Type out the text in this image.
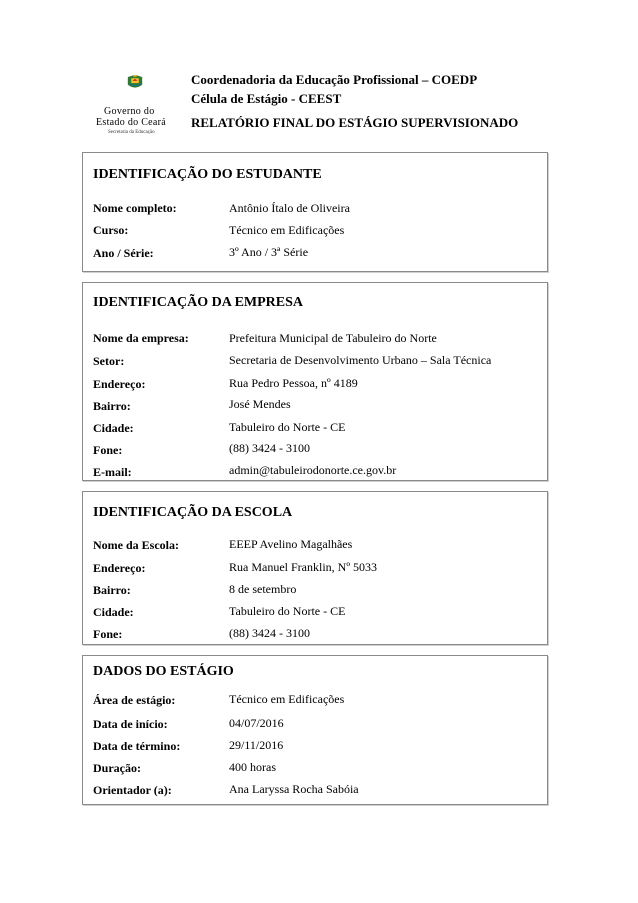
Governo do
Estado do Ceará
Secretaria da Educação
Coordenadoria da Educação Profissional – COEDP
Célula de Estágio - CEEST
RELATÓRIO FINAL DO ESTÁGIO SUPERVISIONADO
IDENTIFICAÇÃO DO ESTUDANTE
Nome completo:	Antônio Ítalo de Oliveira
Curso:	Técnico em Edificações
Ano / Série:	3º Ano / 3ª Série
IDENTIFICAÇÃO DA EMPRESA
Nome da empresa:	Prefeitura Municipal de Tabuleiro do Norte
Setor:	Secretaria de Desenvolvimento Urbano – Sala Técnica
Endereço:	Rua Pedro Pessoa, nº 4189
Bairro:	José Mendes
Cidade:	Tabuleiro do Norte - CE
Fone:	(88) 3424 - 3100
E-mail:	admin@tabuleirodonorte.ce.gov.br
IDENTIFICAÇÃO DA ESCOLA
Nome da Escola:	EEEP Avelino Magalhães
Endereço:	Rua Manuel Franklin, Nº 5033
Bairro:	8 de setembro
Cidade:	Tabuleiro do Norte - CE
Fone:	(88) 3424 - 3100
DADOS DO ESTÁGIO
Área de estágio:	Técnico em Edificações
Data de início:	04/07/2016
Data de término:	29/11/2016
Duração:	400 horas
Orientador (a):	Ana Laryssa Rocha Sabóia
